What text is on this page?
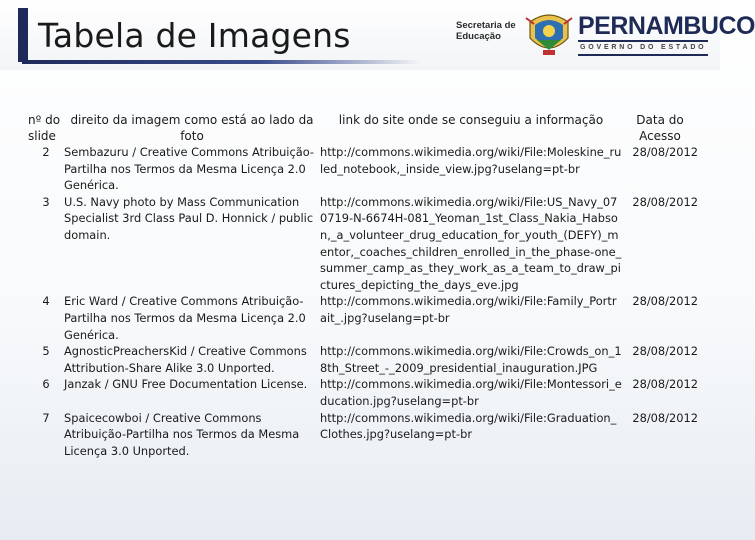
Tabela de Imagens	Secretaria de
Educação	PERNAMBUCO
GOVERNO DO ESTADO
nº do slide	direito da imagem como está ao lado da foto	link do site onde se conseguiu a informação	Data do Acesso
2	Sembazuru / Creative Commons Atribuição-Partilha nos Termos da Mesma Licença 2.0 Genérica.	http://commons.wikimedia.org/wiki/File:Moleskine_ruled_notebook,_inside_view.jpg?uselang=pt-br	28/08/2012
3	U.S. Navy photo by Mass Communication Specialist 3rd Class Paul D. Honnick / public domain.	http://commons.wikimedia.org/wiki/File:US_Navy_070719-N-6674H-081_Yeoman_1st_Class_Nakia_Habson,_a_volunteer_drug_education_for_youth_(DEFY)_mentor,_coaches_children_enrolled_in_the_phase-one_summer_camp_as_they_work_as_a_team_to_draw_pictures_depicting_the_days_eve.jpg	28/08/2012
4	Eric Ward / Creative Commons Atribuição-Partilha nos Termos da Mesma Licença 2.0 Genérica.	http://commons.wikimedia.org/wiki/File:Family_Portrait_.jpg?uselang=pt-br	28/08/2012
5	AgnosticPreachersKid / Creative Commons Attribution-Share Alike 3.0 Unported.	http://commons.wikimedia.org/wiki/File:Crowds_on_18th_Street_-_2009_presidential_inauguration.JPG	28/08/2012
6	Janzak / GNU Free Documentation License.	http://commons.wikimedia.org/wiki/File:Montessori_education.jpg?uselang=pt-br	28/08/2012
7	Spaicecowboi / Creative Commons Atribuição-Partilha nos Termos da Mesma Licença 3.0 Unported.	http://commons.wikimedia.org/wiki/File:Graduation_Clothes.jpg?uselang=pt-br	28/08/2012
